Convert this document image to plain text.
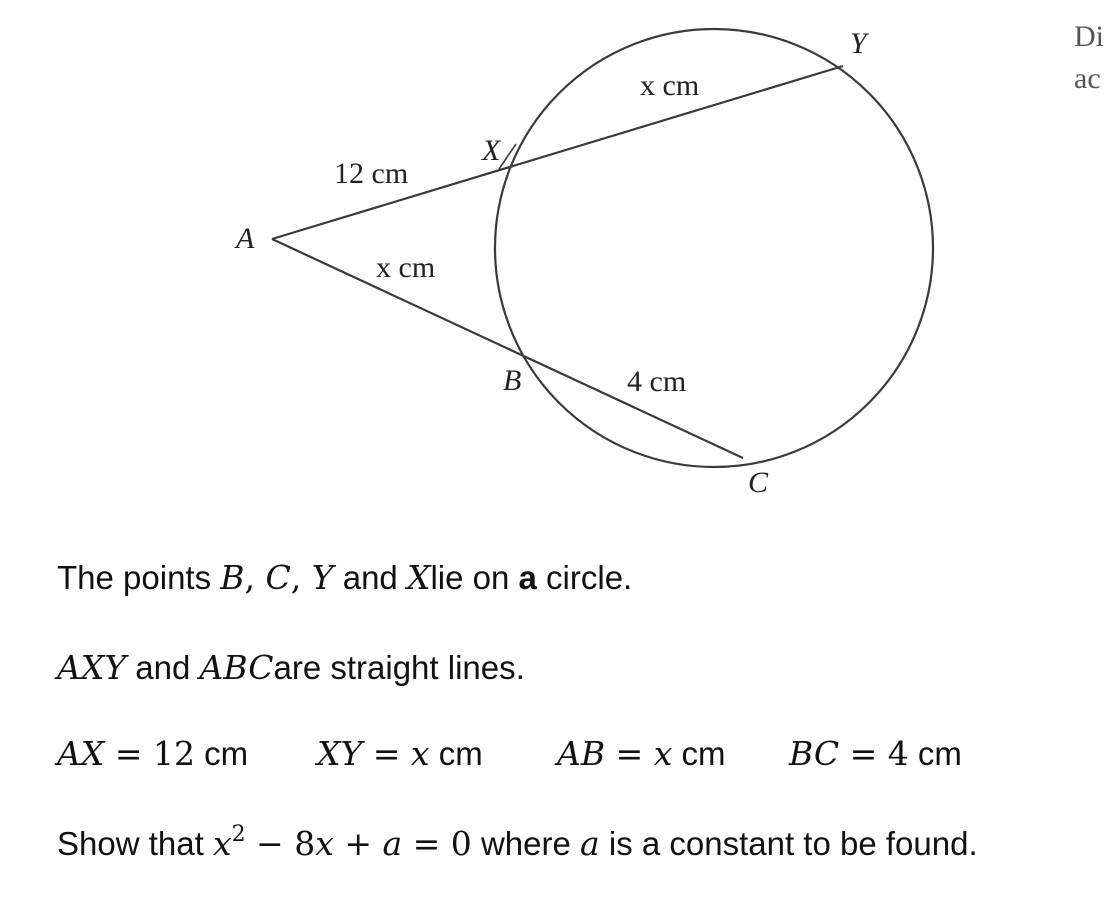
A
X
Y
B
C
12 cm
x cm
x cm
4 cm
Di
ac
The points B, C, Y and Xlie on a circle.
AXY and ABCare straight lines.
AX = 12 cm XY = x cm AB = x cm BC = 4 cm
Show that $x^2 - 8x + a = 0$ where a is a constant to be found.
